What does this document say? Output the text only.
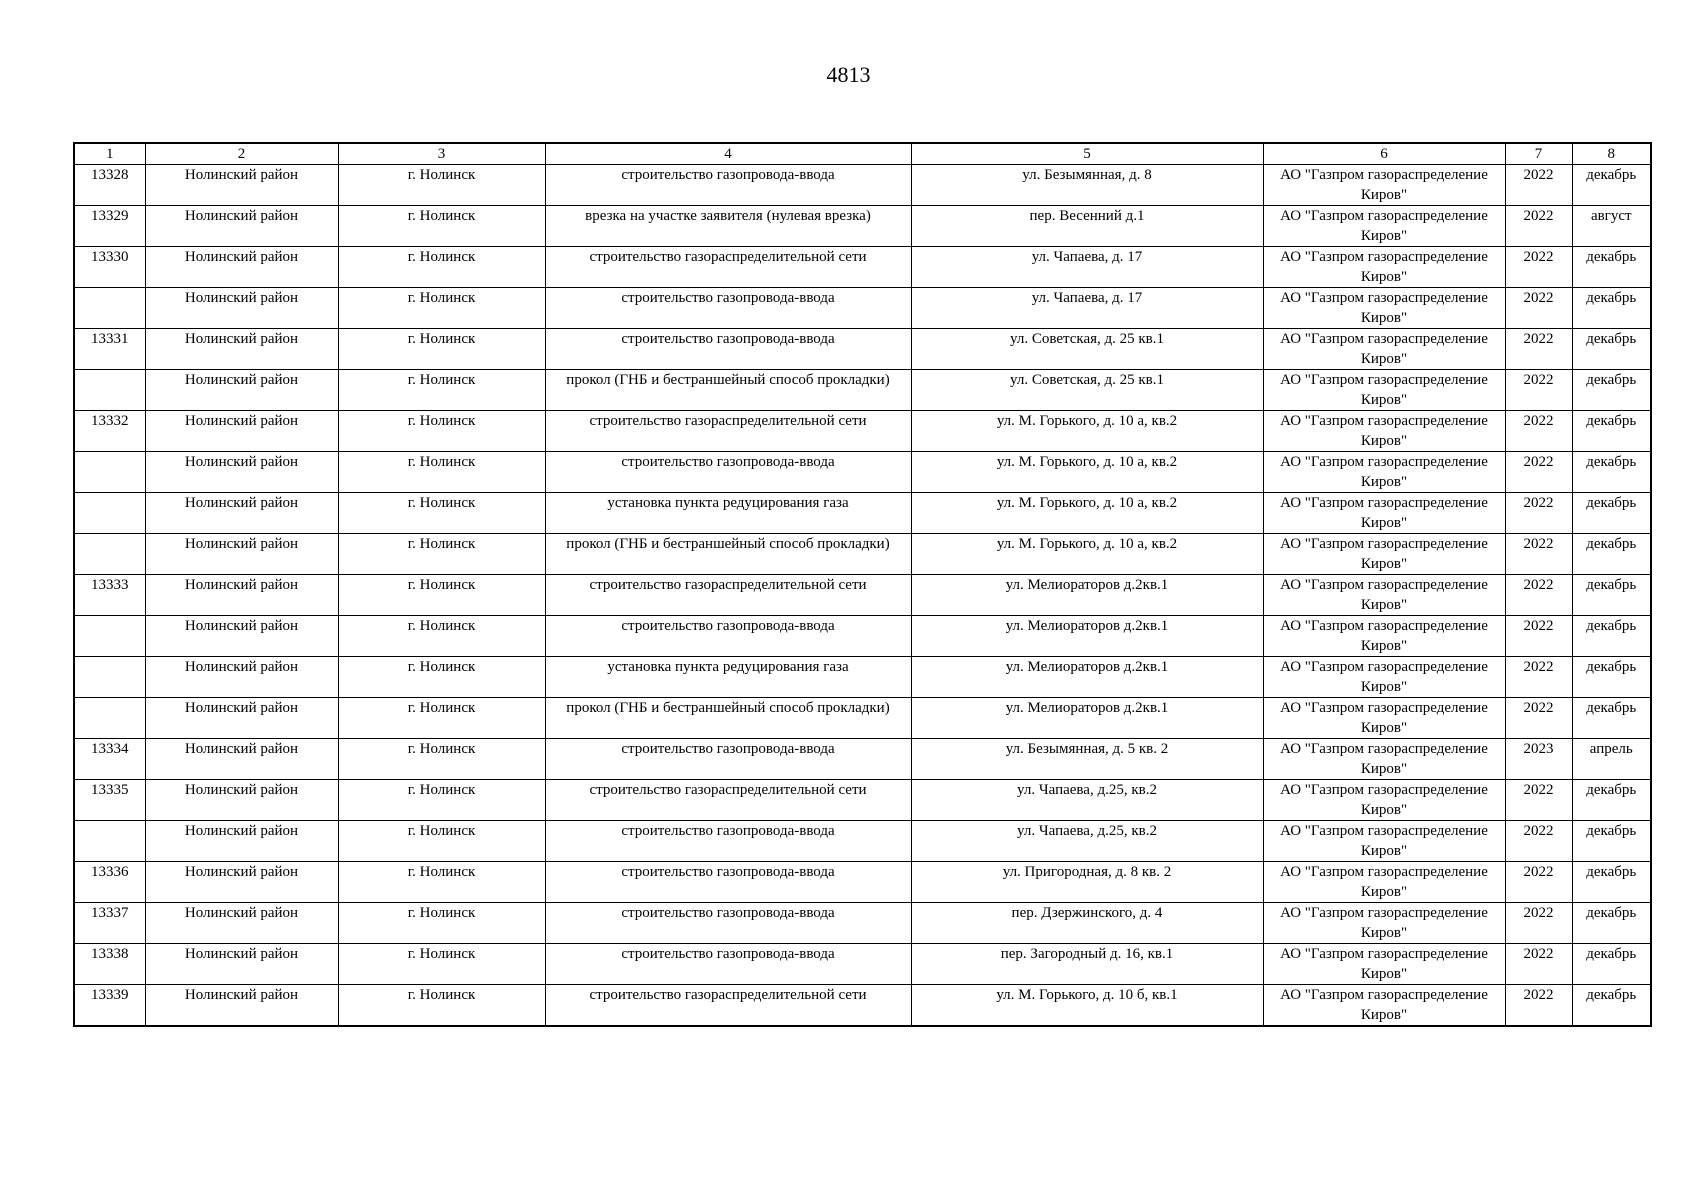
4813
1	2	3	4	5	6	7	8
13328	Нолинский район	г. Нолинск	строительство газопровода-ввода	ул. Безымянная, д. 8	АО "Газпром газораспределение Киров"	2022	декабрь
13329	Нолинский район	г. Нолинск	врезка на участке заявителя (нулевая врезка)	пер. Весенний д.1	АО "Газпром газораспределение Киров"	2022	август
13330	Нолинский район	г. Нолинск	строительство газораспределительной сети	ул. Чапаева, д. 17	АО "Газпром газораспределение Киров"	2022	декабрь
	Нолинский район	г. Нолинск	строительство газопровода-ввода	ул. Чапаева, д. 17	АО "Газпром газораспределение Киров"	2022	декабрь
13331	Нолинский район	г. Нолинск	строительство газопровода-ввода	ул. Советская, д. 25 кв.1	АО "Газпром газораспределение Киров"	2022	декабрь
	Нолинский район	г. Нолинск	прокол (ГНБ и бестраншейный способ прокладки)	ул. Советская, д. 25 кв.1	АО "Газпром газораспределение Киров"	2022	декабрь
13332	Нолинский район	г. Нолинск	строительство газораспределительной сети	ул. М. Горького, д. 10 а, кв.2	АО "Газпром газораспределение Киров"	2022	декабрь
	Нолинский район	г. Нолинск	строительство газопровода-ввода	ул. М. Горького, д. 10 а, кв.2	АО "Газпром газораспределение Киров"	2022	декабрь
	Нолинский район	г. Нолинск	установка пункта редуцирования газа	ул. М. Горького, д. 10 а, кв.2	АО "Газпром газораспределение Киров"	2022	декабрь
	Нолинский район	г. Нолинск	прокол (ГНБ и бестраншейный способ прокладки)	ул. М. Горького, д. 10 а, кв.2	АО "Газпром газораспределение Киров"	2022	декабрь
13333	Нолинский район	г. Нолинск	строительство газораспределительной сети	ул. Мелиораторов д.2кв.1	АО "Газпром газораспределение Киров"	2022	декабрь
	Нолинский район	г. Нолинск	строительство газопровода-ввода	ул. Мелиораторов д.2кв.1	АО "Газпром газораспределение Киров"	2022	декабрь
	Нолинский район	г. Нолинск	установка пункта редуцирования газа	ул. Мелиораторов д.2кв.1	АО "Газпром газораспределение Киров"	2022	декабрь
	Нолинский район	г. Нолинск	прокол (ГНБ и бестраншейный способ прокладки)	ул. Мелиораторов д.2кв.1	АО "Газпром газораспределение Киров"	2022	декабрь
13334	Нолинский район	г. Нолинск	строительство газопровода-ввода	ул. Безымянная, д. 5 кв. 2	АО "Газпром газораспределение Киров"	2023	апрель
13335	Нолинский район	г. Нолинск	строительство газораспределительной сети	ул. Чапаева, д.25, кв.2	АО "Газпром газораспределение Киров"	2022	декабрь
	Нолинский район	г. Нолинск	строительство газопровода-ввода	ул. Чапаева, д.25, кв.2	АО "Газпром газораспределение Киров"	2022	декабрь
13336	Нолинский район	г. Нолинск	строительство газопровода-ввода	ул. Пригородная, д. 8 кв. 2	АО "Газпром газораспределение Киров"	2022	декабрь
13337	Нолинский район	г. Нолинск	строительство газопровода-ввода	пер. Дзержинского, д. 4	АО "Газпром газораспределение Киров"	2022	декабрь
13338	Нолинский район	г. Нолинск	строительство газопровода-ввода	пер. Загородный д. 16, кв.1	АО "Газпром газораспределение Киров"	2022	декабрь
13339	Нолинский район	г. Нолинск	строительство газораспределительной сети	ул. М. Горького, д. 10 б, кв.1	АО "Газпром газораспределение Киров"	2022	декабрь
